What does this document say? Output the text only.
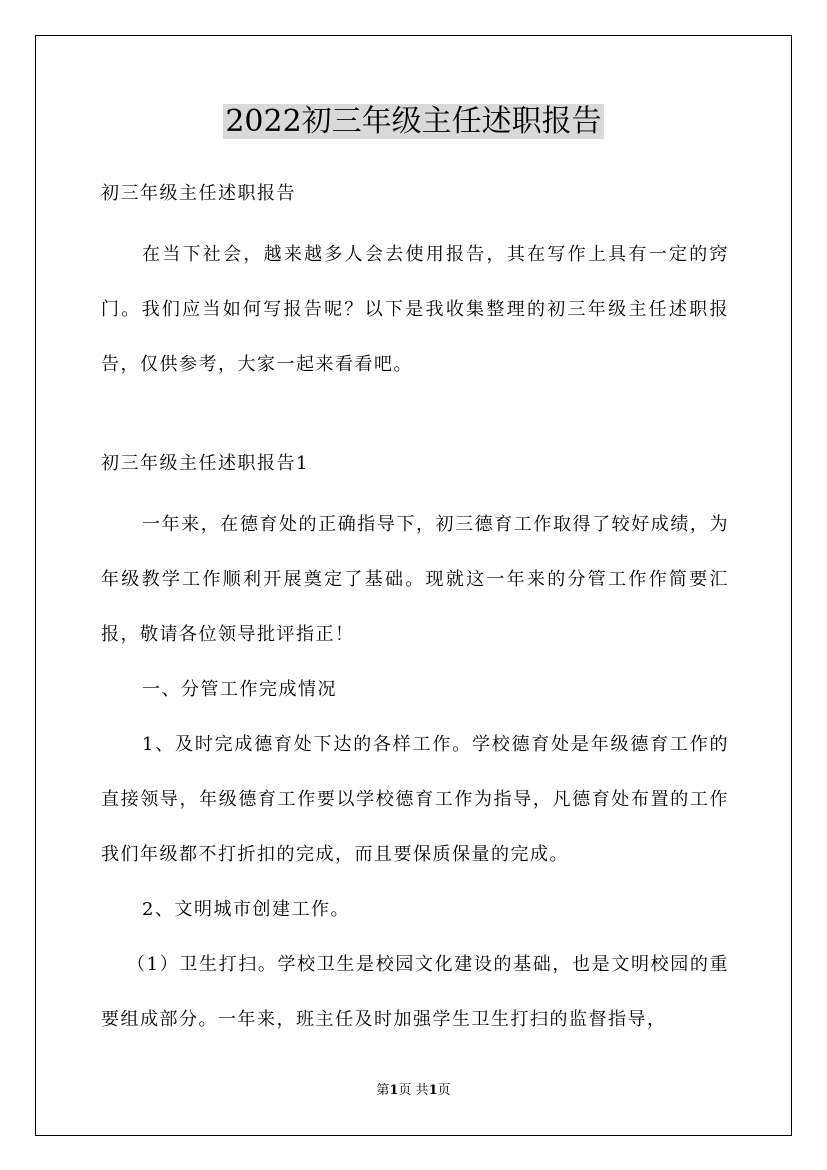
2022初三年级主任述职报告

初三年级主任述职报告

在当下社会，越来越多人会去使用报告，其在写作上具有一定的窍门。我们应当如何写报告呢？以下是我收集整理的初三年级主任述职报告，仅供参考，大家一起来看看吧。

初三年级主任述职报告1

一年来，在德育处的正确指导下，初三德育工作取得了较好成绩，为年级教学工作顺利开展奠定了基础。现就这一年来的分管工作作简要汇报，敬请各位领导批评指正！

一、分管工作完成情况

1、及时完成德育处下达的各样工作。学校德育处是年级德育工作的直接领导，年级德育工作要以学校德育工作为指导，凡德育处布置的工作我们年级都不打折扣的完成，而且要保质保量的完成。

2、文明城市创建工作。

（1）卫生打扫。学校卫生是校园文化建设的基础，也是文明校园的重要组成部分。一年来，班主任及时加强学生卫生打扫的监督指导，

第1页 共1页
